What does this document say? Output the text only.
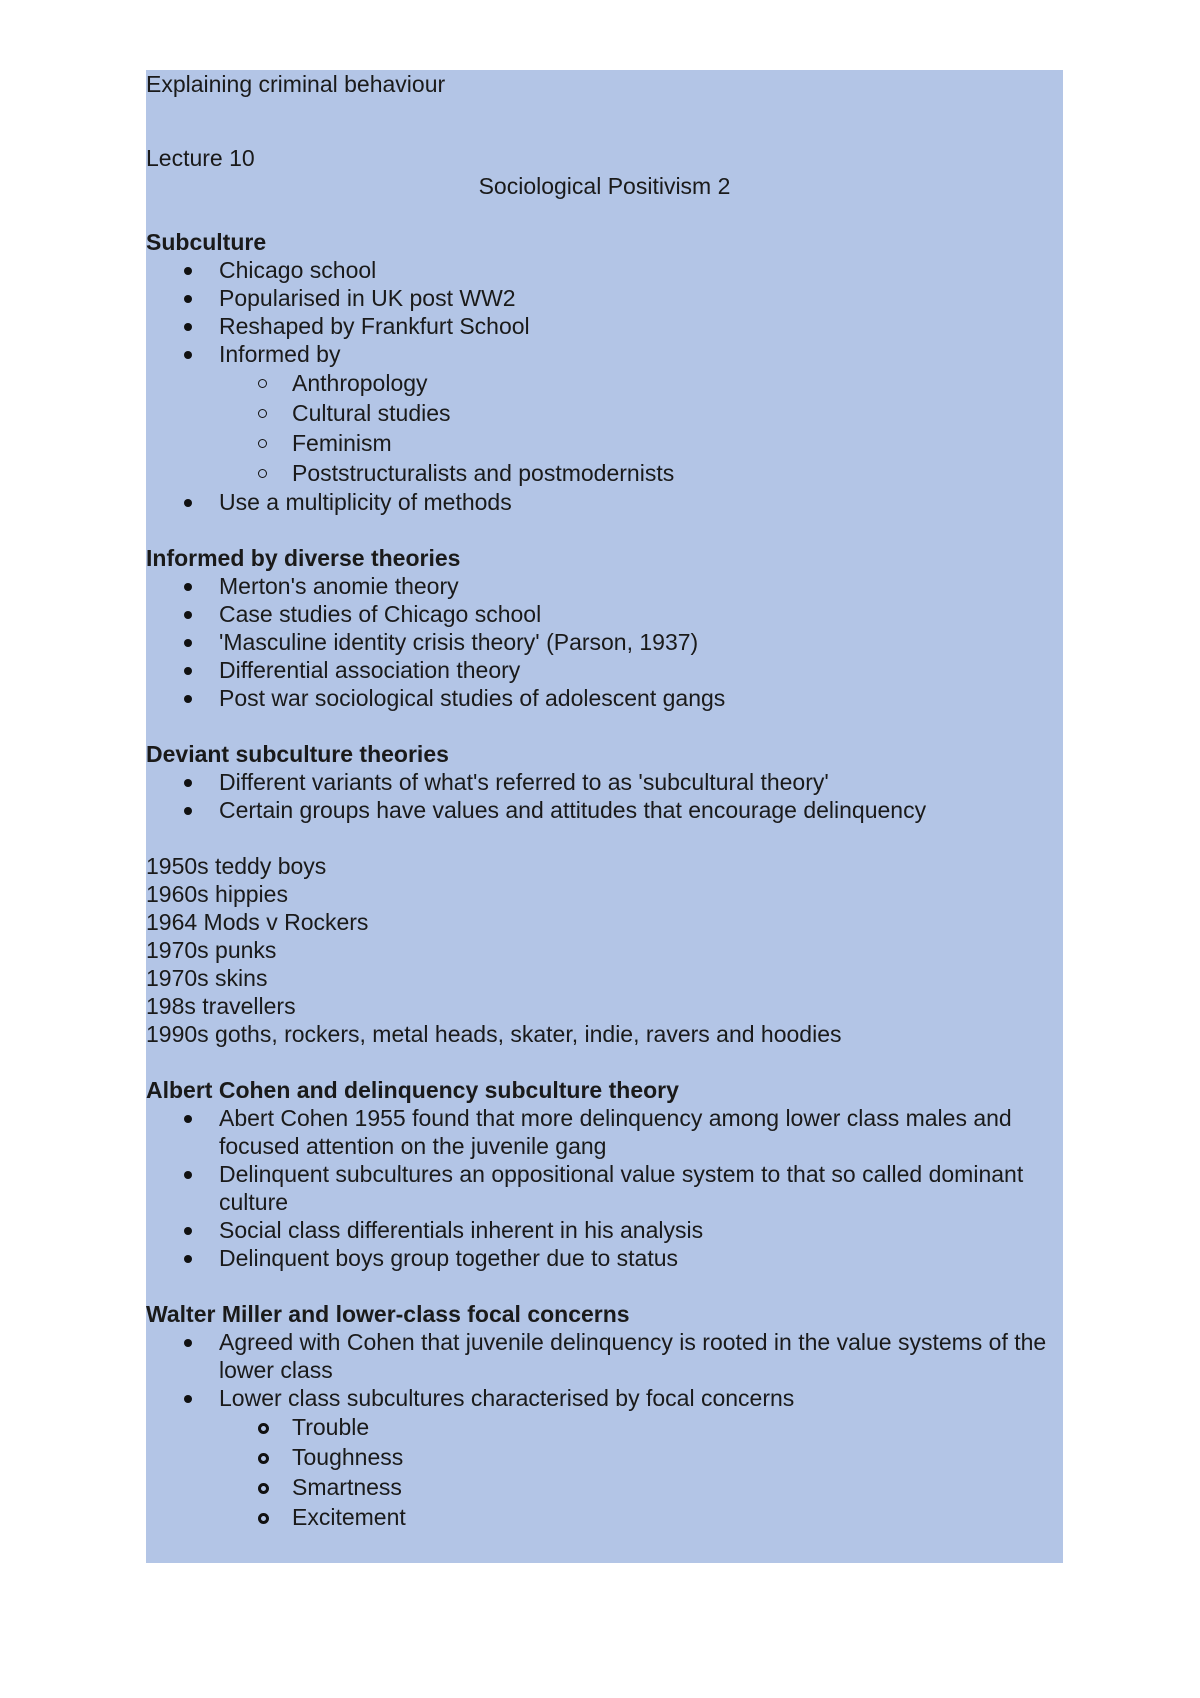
Explaining criminal behaviour

Lecture 10

Sociological Positivism 2

Subculture

Chicago school
Popularised in UK post WW2
Reshaped by Frankfurt School
Informed by
Anthropology
Cultural studies
Feminism
Poststructuralists and postmodernists
Use a multiplicity of methods

Informed by diverse theories

Merton's anomie theory
Case studies of Chicago school
'Masculine identity crisis theory' (Parson, 1937)
Differential association theory
Post war sociological studies of adolescent gangs

Deviant subculture theories

Different variants of what's referred to as 'subcultural theory'
Certain groups have values and attitudes that encourage delinquency

1950s teddy boys

1960s hippies

1964 Mods v Rockers

1970s punks

1970s skins

198s travellers

1990s goths, rockers, metal heads, skater, indie, ravers and hoodies

Albert Cohen and delinquency subculture theory

Abert Cohen 1955 found that more delinquency among lower class males and focused attention on the juvenile gang
Delinquent subcultures an oppositional value system to that so called dominant culture
Social class differentials inherent in his analysis
Delinquent boys group together due to status

Walter Miller and lower-class focal concerns

Agreed with Cohen that juvenile delinquency is rooted in the value systems of the lower class
Lower class subcultures characterised by focal concerns
Trouble
Toughness
Smartness
Excitement
